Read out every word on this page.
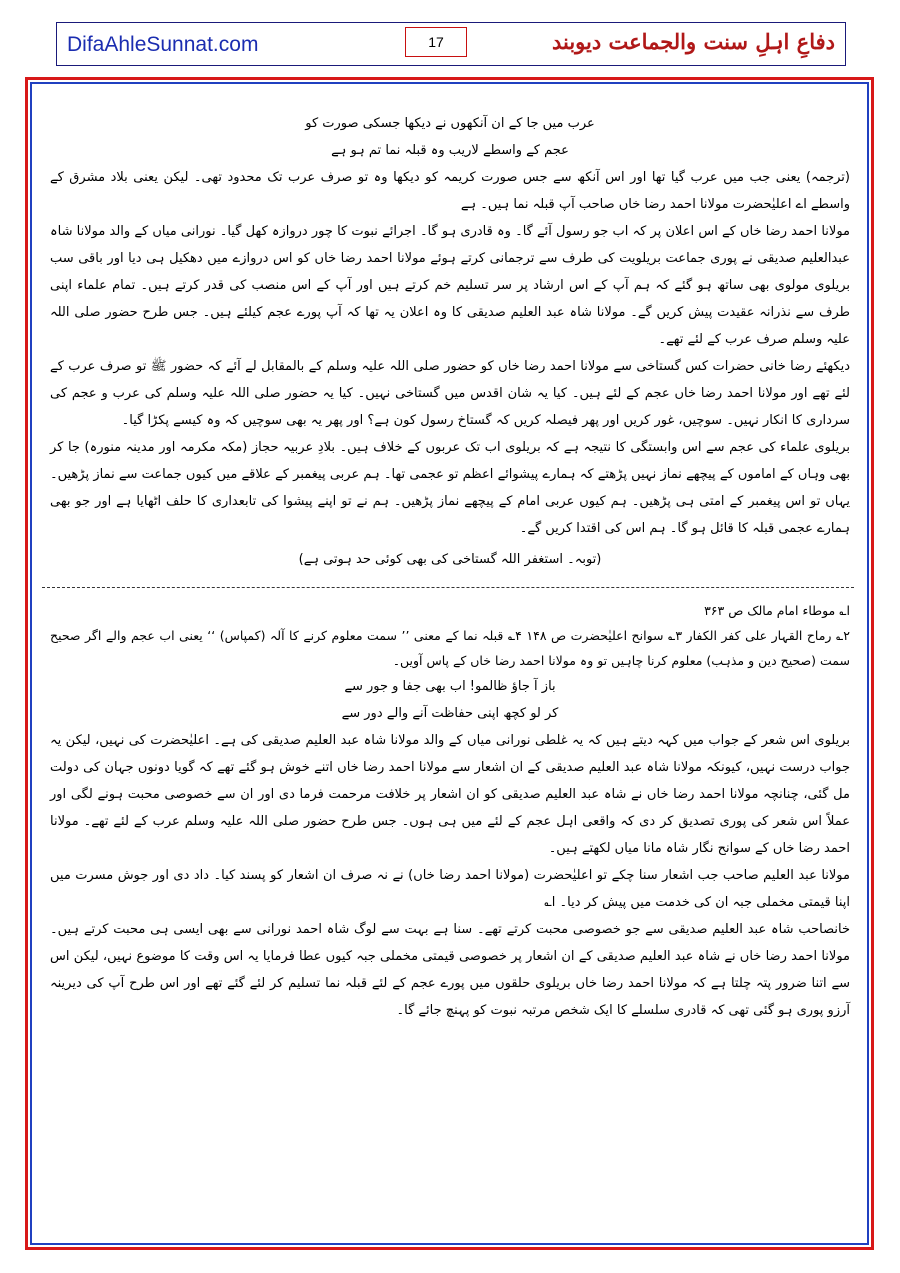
DifaAhleSunnat.com	17	دفاعِ اہلِ سنت والجماعت دیوبند
عرب میں جا کے ان آنکھوں نے دیکھا جسکی صورت کو
عجم کے واسطے لاریب وہ قبلہ نما تم ہو ہے

(ترجمہ) یعنی جب میں عرب گیا تھا اور اس آنکھ سے جس صورت کریمہ کو دیکھا وہ تو صرف عرب تک محدود تھی۔ لیکن یعنی بلاد مشرق کے واسطے اے اعلیٰحضرت مولانا احمد رضا خاں صاحب آپ قبلہ نما ہیں۔ ہے

مولانا احمد رضا خاں کے اس اعلان پر کہ اب جو رسول آئے گا۔ وہ قادری ہو گا۔ اجرائے نبوت کا چور دروازہ کھل گیا۔ نورانی میاں کے والد مولانا شاہ عبدالعلیم صدیقی نے پوری جماعت بریلویت کی طرف سے ترجمانی کرتے ہوئے مولانا احمد رضا خاں کو اس دروازے میں دھکیل ہی دیا اور باقی سب بریلوی مولوی بھی ساتھ ہو گئے کہ ہم آپ کے اس ارشاد پر سر تسلیم خم کرتے ہیں اور آپ کے اس منصب کی قدر کرتے ہیں۔ تمام علماء اپنی طرف سے نذرانہ عقیدت پیش کریں گے۔ مولانا شاہ عبد العلیم صدیقی کا وہ اعلان یہ تھا کہ آپ پورے عجم کیلئے ہیں۔ جس طرح حضور صلی اللہ علیہ وسلم صرف عرب کے لئے تھے۔

دیکھئے رضا خانی حضرات کس گستاخی سے مولانا احمد رضا خاں کو حضور صلی اللہ علیہ وسلم کے بالمقابل لے آئے کہ حضور ﷺ تو صرف عرب کے لئے تھے اور مولانا احمد رضا خاں عجم کے لئے ہیں۔ کیا یہ شان اقدس میں گستاخی نہیں۔ کیا یہ حضور صلی اللہ علیہ وسلم کی عرب و عجم کی سرداری کا انکار نہیں۔ سوچیں، غور کریں اور پھر فیصلہ کریں کہ گستاخ رسول کون ہے؟ اور پھر یہ بھی سوچیں کہ وہ کیسے پکڑا گیا۔

بریلوی علماء کی عجم سے اس وابستگی کا نتیجہ ہے کہ بریلوی اب تک عربوں کے خلاف ہیں۔ بلادِ عربیہ حجاز (مکہ مکرمہ اور مدینہ منورہ) جا کر بھی وہاں کے اماموں کے پیچھے نماز نہیں پڑھتے کہ ہمارے پیشوائے اعظم تو عجمی تھا۔ ہم عربی پیغمبر کے علاقے میں کیوں جماعت سے نماز پڑھیں۔ یہاں تو اس پیغمبر کے امتی ہی پڑھیں۔ ہم کیوں عربی امام کے پیچھے نماز پڑھیں۔ ہم نے تو اپنے پیشوا کی تابعداری کا حلف اٹھایا ہے اور جو بھی ہمارے عجمی قبلہ کا قائل ہو گا۔ ہم اس کی اقتدا کریں گے۔

(توبہ۔ استغفر اللہ گستاخی کی بھی کوئی حد ہوتی ہے)
ا؎ موطاء امام مالک ص ۳۶۳

۲؎ رماح القہار علی کفر الکفار ۳؎ سوانح اعلیٰحضرت ص ۱۴۸ ۴؎ قبلہ نما کے معنی ’’ سمت معلوم کرنے کا آلہ (کمپاس) ‘‘ یعنی اب عجم والے اگر صحیح سمت (صحیح دین و مذہب) معلوم کرنا چاہیں تو وہ مولانا احمد رضا خاں کے پاس آویں۔

باز آ جاؤ ظالمو! اب بھی جفا و جور سے
کر لو کچھ اپنی حفاظت آنے والے دور سے

بریلوی اس شعر کے جواب میں کہہ دیتے ہیں کہ یہ غلطی نورانی میاں کے والد مولانا شاہ عبد العلیم صدیقی کی ہے۔ اعلیٰحضرت کی نہیں، لیکن یہ جواب درست نہیں، کیونکہ مولانا شاہ عبد العلیم صدیقی کے ان اشعار سے مولانا احمد رضا خاں اتنے خوش ہو گئے تھے کہ گویا دونوں جہان کی دولت مل گئی، چنانچہ مولانا احمد رضا خاں نے شاہ عبد العلیم صدیقی کو ان اشعار پر خلافت مرحمت فرما دی اور ان سے خصوصی محبت ہونے لگی اور عملاً اس شعر کی پوری تصدیق کر دی کہ واقعی اہل عجم کے لئے میں ہی ہوں۔ جس طرح حضور صلی اللہ علیہ وسلم عرب کے لئے تھے۔ مولانا احمد رضا خاں کے سوانح نگار شاہ مانا میاں لکھتے ہیں۔

مولانا عبد العلیم صاحب جب اشعار سنا چکے تو اعلیٰحضرت (مولانا احمد رضا خاں) نے نہ صرف ان اشعار کو پسند کیا۔ داد دی اور جوش مسرت میں اپنا قیمتی مخملی جبہ ان کی خدمت میں پیش کر دیا۔ ا؎

خانصاحب شاہ عبد العلیم صدیقی سے جو خصوصی محبت کرتے تھے۔ سنا ہے بہت سے لوگ شاہ احمد نورانی سے بھی ایسی ہی محبت کرتے ہیں۔ مولانا احمد رضا خاں نے شاہ عبد العلیم صدیقی کے ان اشعار پر خصوصی قیمتی مخملی جبہ کیوں عطا فرمایا یہ اس وقت کا موضوع نہیں، لیکن اس سے اتنا ضرور پتہ چلتا ہے کہ مولانا احمد رضا خاں بریلوی حلقوں میں پورے عجم کے لئے قبلہ نما تسلیم کر لئے گئے تھے اور اس طرح آپ کی دیرینہ آرزو پوری ہو گئی تھی کہ قادری سلسلے کا ایک شخص مرتبہ نبوت کو پہنچ جائے گا۔
